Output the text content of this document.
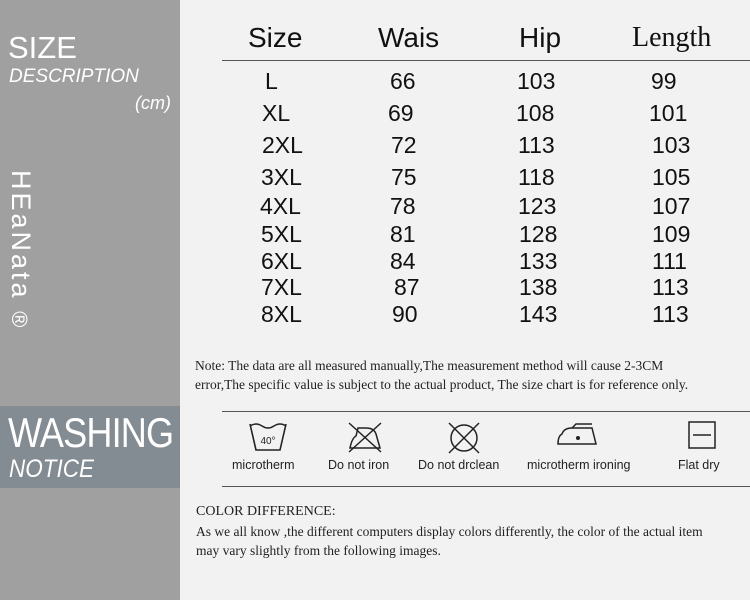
SIZE
DESCRIPTION
(cm)
HEaNata ®
WASHING
NOTICE
Size	Wais	Hip	Length
L	66	103	99
XL	69	108	101
2XL	72	113	103
3XL	75	118	105
4XL	78	123	107
5XL	81	128	109
6XL	84	133	111
7XL	87	138	113
8XL	90	143	113
Note: The data are all measured manually,The measurement method will cause 2-3CM
error,The specific value is subject to the actual product, The size chart is for reference only.
40°
microtherm	Do not iron Do not drclean microtherm ironing	Flat dry
COLOR DIFFERENCE:
As we all know ,the different computers display colors differently, the color of the actual item
may vary slightly from the following images.
